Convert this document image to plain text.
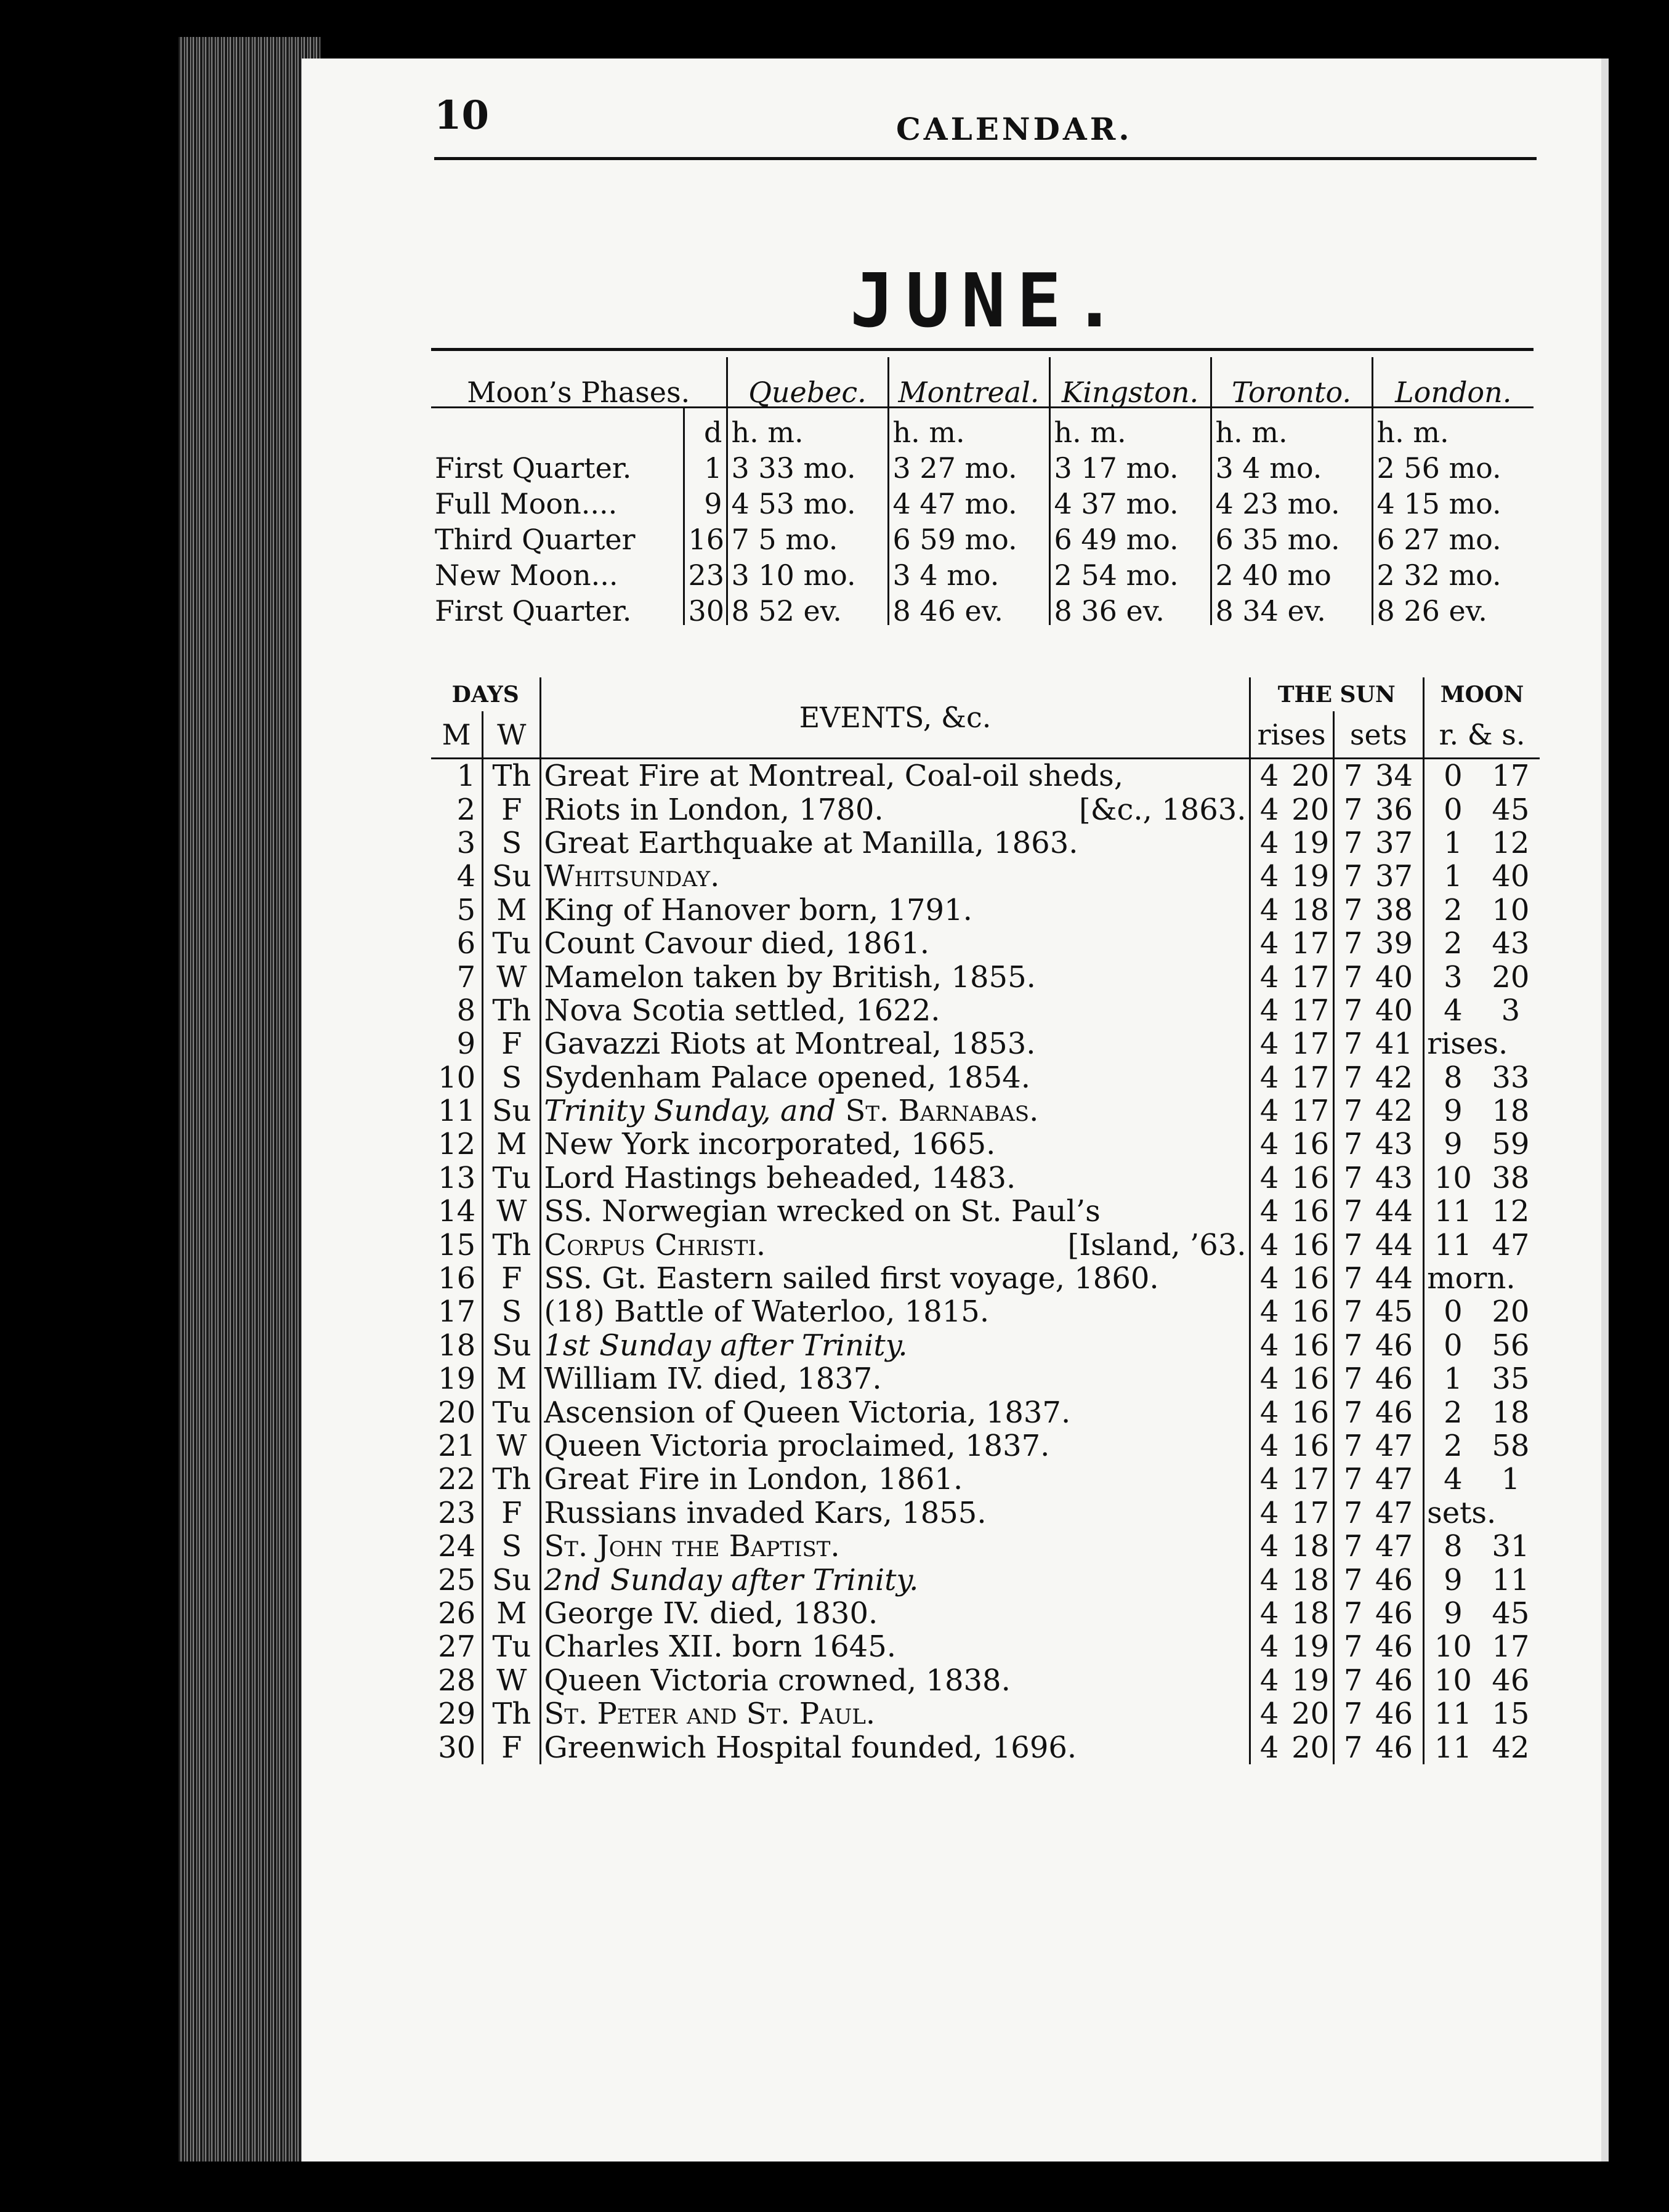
10	CALENDAR.
JUNE.

Moon’s Phases.		Quebec.	Montreal.	Kingston.	Toronto.	London.
	d	h. m.	h. m.	h. m.	h. m.	h. m.
First Quarter.	1	3 33 mo.	3 27 mo.	3 17 mo.	3 4 mo.	2 56 mo.
Full Moon....	9	4 53 mo.	4 47 mo.	4 37 mo.	4 23 mo.	4 15 mo.
Third Quarter	16	7 5 mo.	6 59 mo.	6 49 mo.	6 35 mo.	6 27 mo.
New Moon...	23	3 10 mo.	3 4 mo.	2 54 mo.	2 40 mo	2 32 mo.
First Quarter.	30	8 52 ev.	8 46 ev.	8 36 ev.	8 34 ev.	8 26 ev.
DAYS		EVENTS, &c.	THE SUN				MOON	
M	W		rises		sets		r. & s.	
1	Th	Great Fire at Montreal, Coal-oil sheds,	4	20	7	34	0	17
2	F	Riots in London, 1780. [&c., 1863.	4	20	7	36	0	45
3	S	Great Earthquake at Manilla, 1863.	4	19	7	37	1	12
4	Su	Whitsunday.	4	19	7	37	1	40
5	M	King of Hanover born, 1791.	4	18	7	38	2	10
6	Tu	Count Cavour died, 1861.	4	17	7	39	2	43
7	W	Mamelon taken by British, 1855.	4	17	7	40	3	20
8	Th	Nova Scotia settled, 1622.	4	17	7	40	4	3
9	F	Gavazzi Riots at Montreal, 1853.	4	17	7	41	rises.	
10	S	Sydenham Palace opened, 1854.	4	17	7	42	8	33
11	Su	Trinity Sunday, and St. Barnabas.	4	17	7	42	9	18
12	M	New York incorporated, 1665.	4	16	7	43	9	59
13	Tu	Lord Hastings beheaded, 1483.	4	16	7	43	10	38
14	W	SS. Norwegian wrecked on St. Paul’s	4	16	7	44	11	12
15	Th	Corpus Christi. [Island, ’63.	4	16	7	44	11	47
16	F	SS. Gt. Eastern sailed first voyage, 1860.	4	16	7	44	morn.	
17	S	(18) Battle of Waterloo, 1815.	4	16	7	45	0	20
18	Su	1st Sunday after Trinity.	4	16	7	46	0	56
19	M	William IV. died, 1837.	4	16	7	46	1	35
20	Tu	Ascension of Queen Victoria, 1837.	4	16	7	46	2	18
21	W	Queen Victoria proclaimed, 1837.	4	16	7	47	2	58
22	Th	Great Fire in London, 1861.	4	17	7	47	4	1
23	F	Russians invaded Kars, 1855.	4	17	7	47	sets.	
24	S	St. John the Baptist.	4	18	7	47	8	31
25	Su	2nd Sunday after Trinity.	4	18	7	46	9	11
26	M	George IV. died, 1830.	4	18	7	46	9	45
27	Tu	Charles XII. born 1645.	4	19	7	46	10	17
28	W	Queen Victoria crowned, 1838.	4	19	7	46	10	46
29	Th	St. Peter and St. Paul.	4	20	7	46	11	15
30	F	Greenwich Hospital founded, 1696.	4	20	7	46	11	42
